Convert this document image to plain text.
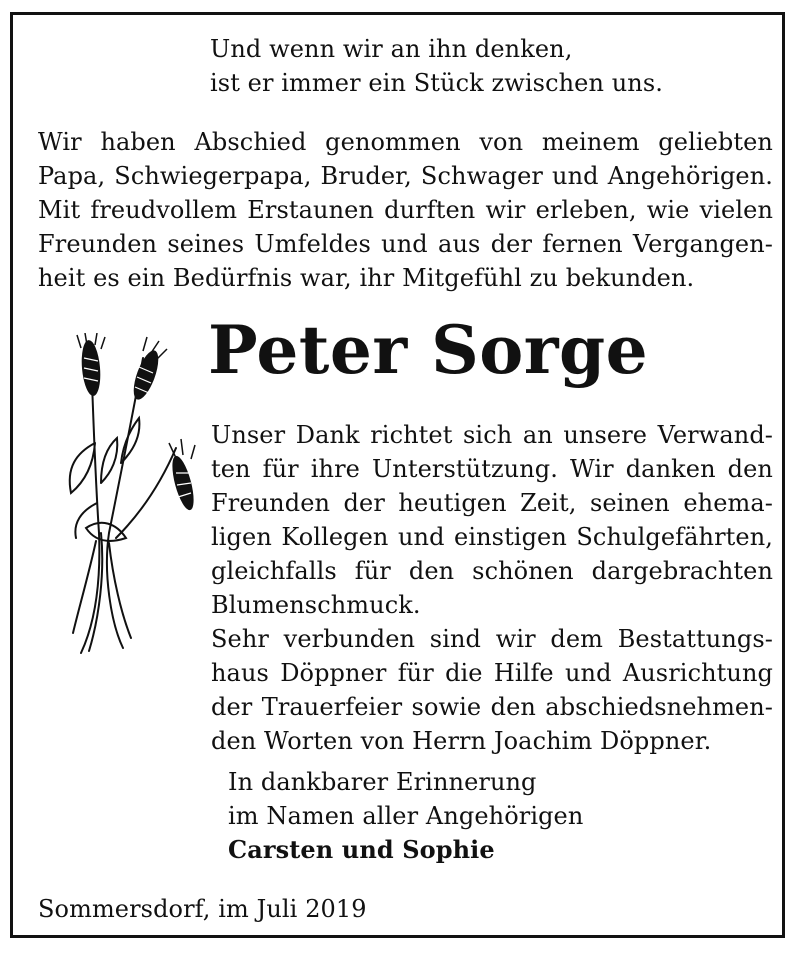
Und wenn wir an ihn denken,
ist er immer ein Stück zwischen uns.
Wir haben Abschied genommen von meinem geliebten
Papa, Schwiegerpapa, Bruder, Schwager und Angehörigen.
Mit freudvollem Erstaunen durften wir erleben, wie vielen
Freunden seines Umfeldes und aus der fernen Vergangen-
heit es ein Bedürfnis war, ihr Mitgefühl zu bekunden.
Peter Sorge
Unser Dank richtet sich an unsere Verwand-
ten für ihre Unterstützung. Wir danken den
Freunden der heutigen Zeit, seinen ehema-
ligen Kollegen und einstigen Schulgefährten,
gleichfalls für den schönen dargebrachten
Blumenschmuck.
Sehr verbunden sind wir dem Bestattungs-
haus Döppner für die Hilfe und Ausrichtung
der Trauerfeier sowie den abschiedsnehmen-
den Worten von Herrn Joachim Döppner.
In dankbarer Erinnerung
im Namen aller Angehörigen
Carsten und Sophie
Sommersdorf, im Juli 2019
